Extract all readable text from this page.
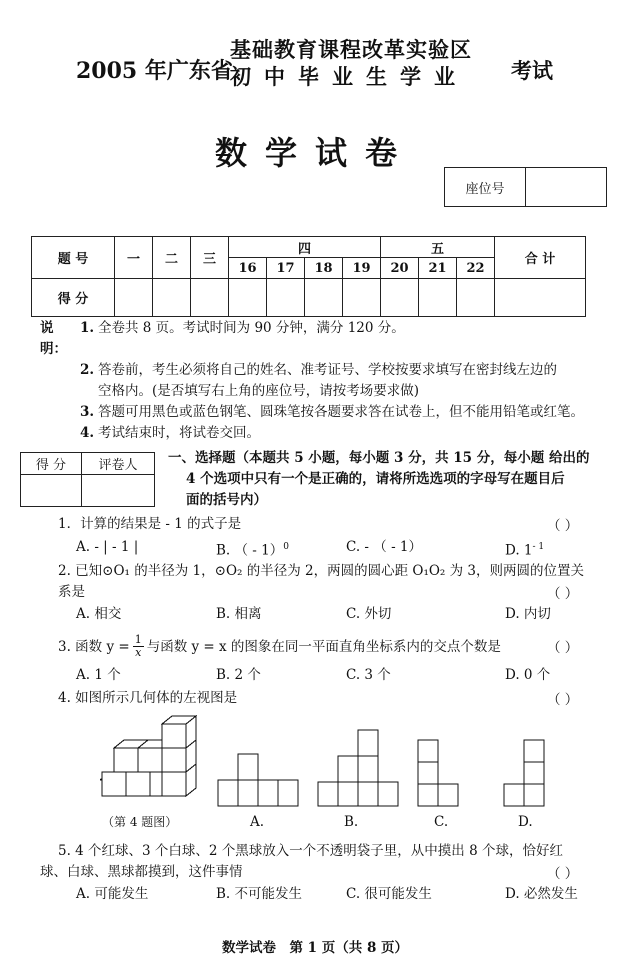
2005 年广东省
基础教育课程改革实验区
初中毕业生学业	考试
数学试卷
座位号	
题 号	一	二	三	四				五			合 计
				16	17	18	19	20	21	22	
得 分											
说明：
1. 全卷共 8 页。考试时间为 90 分钟，满分 120 分。
2. 答卷前，考生必须将自己的姓名、准考证号、学校按要求填写在密封线左边的
空格内。(是否填写右上角的座位号，请按考场要求做)
3. 答题可用黑色或蓝色钢笔、圆珠笔按各题要求答在试卷上，但不能用铅笔或红笔。
4. 考试结束时，将试卷交回。
得 分	评卷人
	一、选择题（本题共 5 小题，每小题 3 分，共 15 分，每小题 给出的
4 个选项中只有一个是正确的，请将所选选项的字母写在题目后
面的括号内）
1．计算的结果是 - 1 的式子是	（ ）
A. - | - 1 |	B. （ - 1）$^0$	C. - （ - 1）	D. $1^{- 1}$
2. 已知⊙O₁ 的半径为 1，⊙O₂ 的半径为 2，两圆的圆心距 O₁O₂ 为 3，则两圆的位置关
系是	（ ）
A. 相交	B. 相离	C. 外切	D. 内切
3. 函数 $y = \frac{1}{x}$ 与函数 y = x 的图象在同一平面直角坐标系内的交点个数是	（ ）
A. 1 个	B. 2 个	C. 3 个	D. 0 个
4. 如图所示几何体的左视图是	（ ）
（第 4 题图）	A.	B.	C.	D.
5. 4 个红球、3 个白球、2 个黑球放入一个不透明袋子里，从中摸出 8 个球，恰好红
球、白球、黑球都摸到，这件事情	（ ）
A. 可能发生	B. 不可能发生	C. 很可能发生	D. 必然发生
数学试卷　第 1 页（共 8 页）
